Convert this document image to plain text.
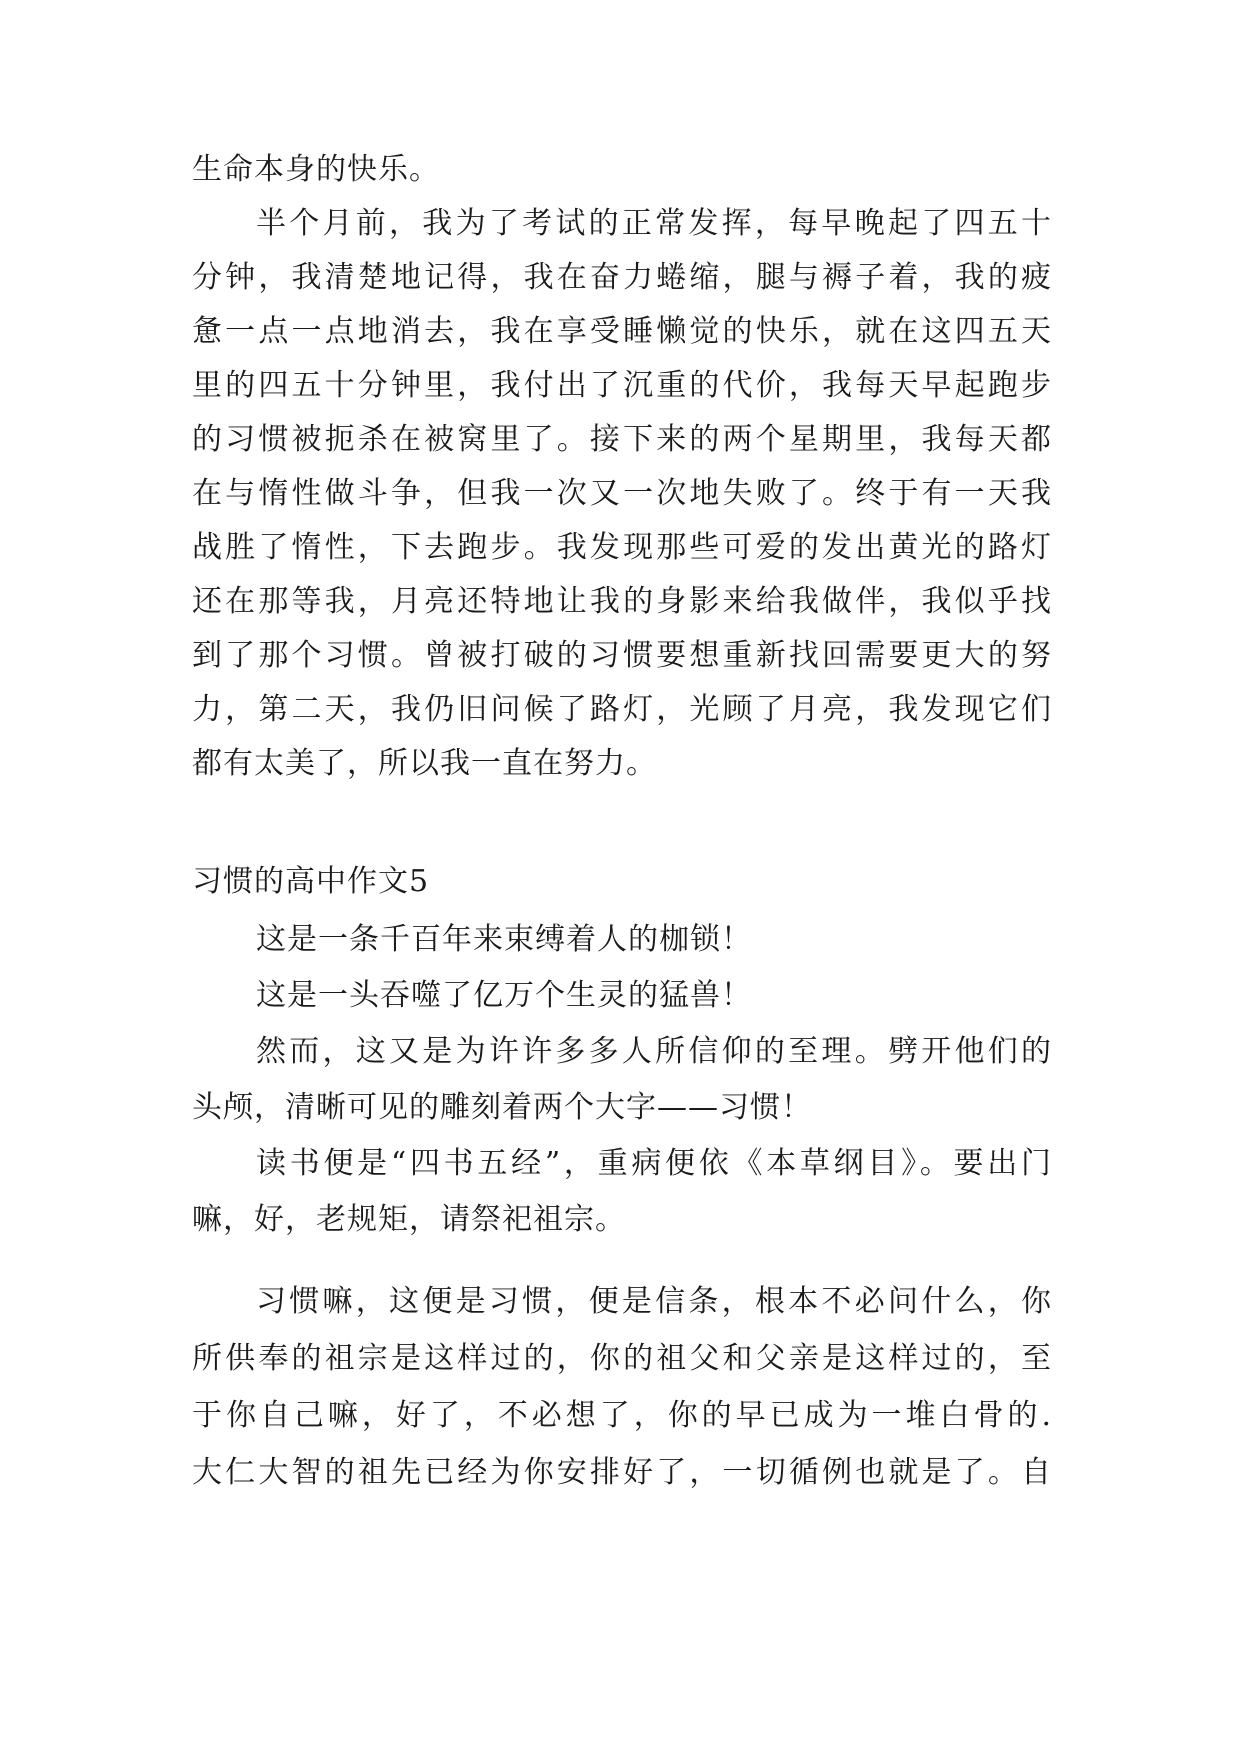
生命本身的快乐。
半个月前，我为了考试的正常发挥，每早晚起了四五十
分钟，我清楚地记得，我在奋力蜷缩，腿与褥子着，我的疲
惫一点一点地消去，我在享受睡懒觉的快乐，就在这四五天
里的四五十分钟里，我付出了沉重的代价，我每天早起跑步
的习惯被扼杀在被窝里了。接下来的两个星期里，我每天都
在与惰性做斗争，但我一次又一次地失败了。终于有一天我
战胜了惰性，下去跑步。我发现那些可爱的发出黄光的路灯
还在那等我，月亮还特地让我的身影来给我做伴，我似乎找
到了那个习惯。曾被打破的习惯要想重新找回需要更大的努
力，第二天，我仍旧问候了路灯，光顾了月亮，我发现它们
都有太美了，所以我一直在努力。
习惯的高中作文5
这是一条千百年来束缚着人的枷锁！
这是一头吞噬了亿万个生灵的猛兽！
然而，这又是为许许多多人所信仰的至理。劈开他们的
头颅，清晰可见的雕刻着两个大字——习惯！
读书便是“四书五经”，重病便依《本草纲目》。要出门
嘛，好，老规矩，请祭祀祖宗。
习惯嘛，这便是习惯，便是信条，根本不必问什么，你
所供奉的祖宗是这样过的，你的祖父和父亲是这样过的，至
于你自己嘛，好了，不必想了，你的早已成为一堆白骨的.
大仁大智的祖先已经为你安排好了，一切循例也就是了。自
